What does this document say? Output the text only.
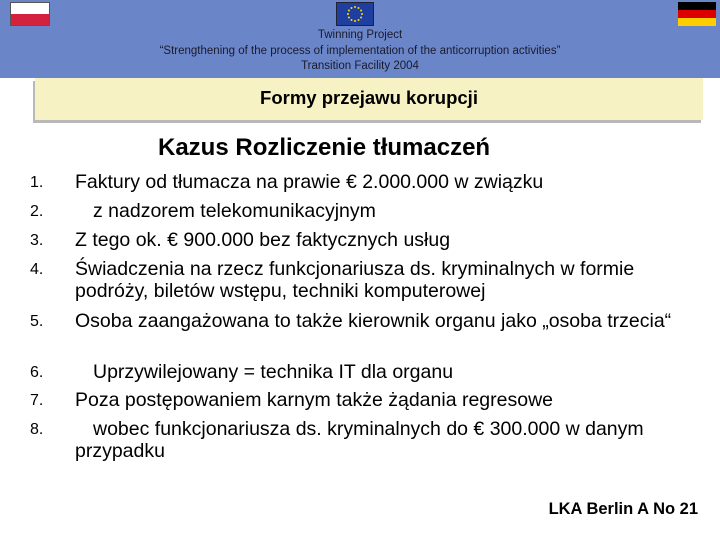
Twinning Project
“Strengthening of the process of implementation of the anticorruption activities”
Transition Facility 2004
Formy przejawu korupcji
Kazus Rozliczenie tłumaczeń
1.	Faktury od tłumacza na prawie € 2.000.000 w związku
2.	z nadzorem telekomunikacyjnym
3.	Z tego ok. € 900.000 bez faktycznych usług
4.	Świadczenia na rzecz funkcjonariusza ds. kryminalnych w formie podróży, biletów wstępu, techniki komputerowej
5.	Osoba zaangażowana to także kierownik organu jako „osoba trzecia“
6.	Uprzywilejowany = technika IT dla organu
7.	Poza postępowaniem karnym także żądania regresowe
8.	wobec funkcjonariusza ds. kryminalnych do € 300.000 w danym przypadku
LKA Berlin A No 21
